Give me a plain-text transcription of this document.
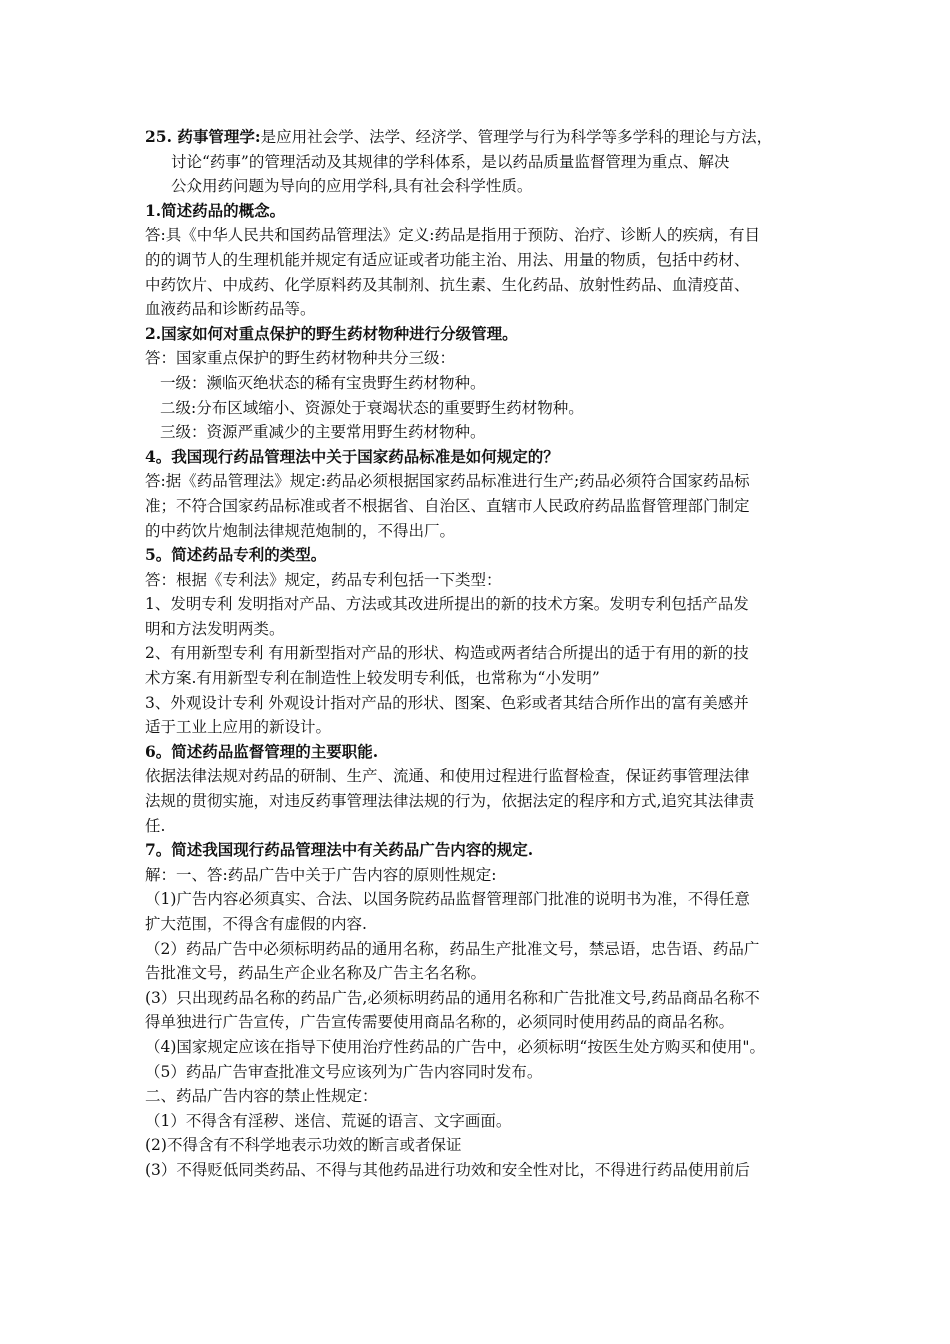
25. 药事管理学:是应用社会学、法学、经济学、管理学与行为科学等多学科的理论与方法，

讨论“药事”的管理活动及其规律的学科体系，是以药品质量监督管理为重点、解决

公众用药问题为导向的应用学科,具有社会科学性质。

1.简述药品的概念。

答:具《中华人民共和国药品管理法》定义:药品是指用于预防、治疗、诊断人的疾病，有目

的的调节人的生理机能并规定有适应证或者功能主治、用法、用量的物质，包括中药材、

中药饮片、中成药、化学原料药及其制剂、抗生素、生化药品、放射性药品、血清疫苗、

血液药品和诊断药品等。

2.国家如何对重点保护的野生药材物种进行分级管理。

答：国家重点保护的野生药材物种共分三级：

一级：濒临灭绝状态的稀有宝贵野生药材物种。

二级:分布区域缩小、资源处于衰竭状态的重要野生药材物种。

三级：资源严重减少的主要常用野生药材物种。

4。我国现行药品管理法中关于国家药品标准是如何规定的？

答:据《药品管理法》规定:药品必须根据国家药品标准进行生产;药品必须符合国家药品标

准；不符合国家药品标准或者不根据省、自治区、直辖市人民政府药品监督管理部门制定

的中药饮片炮制法律规范炮制的，不得出厂。

5。简述药品专利的类型。

答：根据《专利法》规定，药品专利包括一下类型：

1、发明专利 发明指对产品、方法或其改进所提出的新的技术方案。发明专利包括产品发

明和方法发明两类。

2、有用新型专利 有用新型指对产品的形状、构造或两者结合所提出的适于有用的新的技

术方案.有用新型专利在制造性上较发明专利低，也常称为“小发明”

3、外观设计专利 外观设计指对产品的形状、图案、色彩或者其结合所作出的富有美感并

适于工业上应用的新设计。

6。简述药品监督管理的主要职能.

依据法律法规对药品的研制、生产、流通、和使用过程进行监督检查，保证药事管理法律

法规的贯彻实施，对违反药事管理法律法规的行为，依据法定的程序和方式,追究其法律责

任.

7。简述我国现行药品管理法中有关药品广告内容的规定.

解：一、答:药品广告中关于广告内容的原则性规定:

（1)广告内容必须真实、合法、以国务院药品监督管理部门批准的说明书为准，不得任意

扩大范围，不得含有虚假的内容.

（2）药品广告中必须标明药品的通用名称，药品生产批准文号，禁忌语，忠告语、药品广

告批准文号，药品生产企业名称及广告主名名称。

(3）只出现药品名称的药品广告,必须标明药品的通用名称和广告批准文号,药品商品名称不

得单独进行广告宣传，广告宣传需要使用商品名称的，必须同时使用药品的商品名称。

（4)国家规定应该在指导下使用治疗性药品的广告中，必须标明“按医生处方购买和使用"。

（5）药品广告审查批准文号应该列为广告内容同时发布。

二、药品广告内容的禁止性规定：

（1）不得含有淫秽、迷信、荒诞的语言、文字画面。

(2)不得含有不科学地表示功效的断言或者保证

(3）不得贬低同类药品、不得与其他药品进行功效和安全性对比，不得进行药品使用前后
